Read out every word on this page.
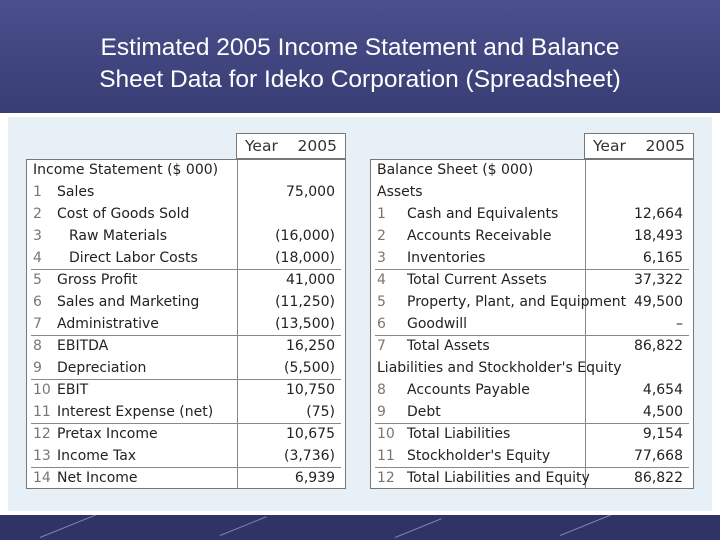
Estimated 2005 Income Statement and Balance
Sheet Data for Ideko Corporation (Spreadsheet)
Year 2005
Income Statement ($ 000)
1 Sales	75,000
2 Cost of Goods Sold
3 Raw Materials	(16,000)
4 Direct Labor Costs	(18,000)
5 Gross Profit	41,000
6 Sales and Marketing	(11,250)
7 Administrative	(13,500)
8 EBITDA	16,250
9 Depreciation	(5,500)
10 EBIT	10,750
11 Interest Expense (net)	(75)
12 Pretax Income	10,675
13 Income Tax	(3,736)
14 Net Income	6,939
Year 2005
Balance Sheet ($ 000)
Assets
1 Cash and Equivalents	12,664
2 Accounts Receivable	18,493
3 Inventories	6,165
4 Total Current Assets	37,322
5 Property, Plant, and Equipment 49,500
6 Goodwill	–
7 Total Assets	86,822
Liabilities and Stockholder's Equity
8 Accounts Payable	4,654
9 Debt	4,500
10 Total Liabilities	9,154
11 Stockholder's Equity	77,668
12 Total Liabilities and Equity	86,822
